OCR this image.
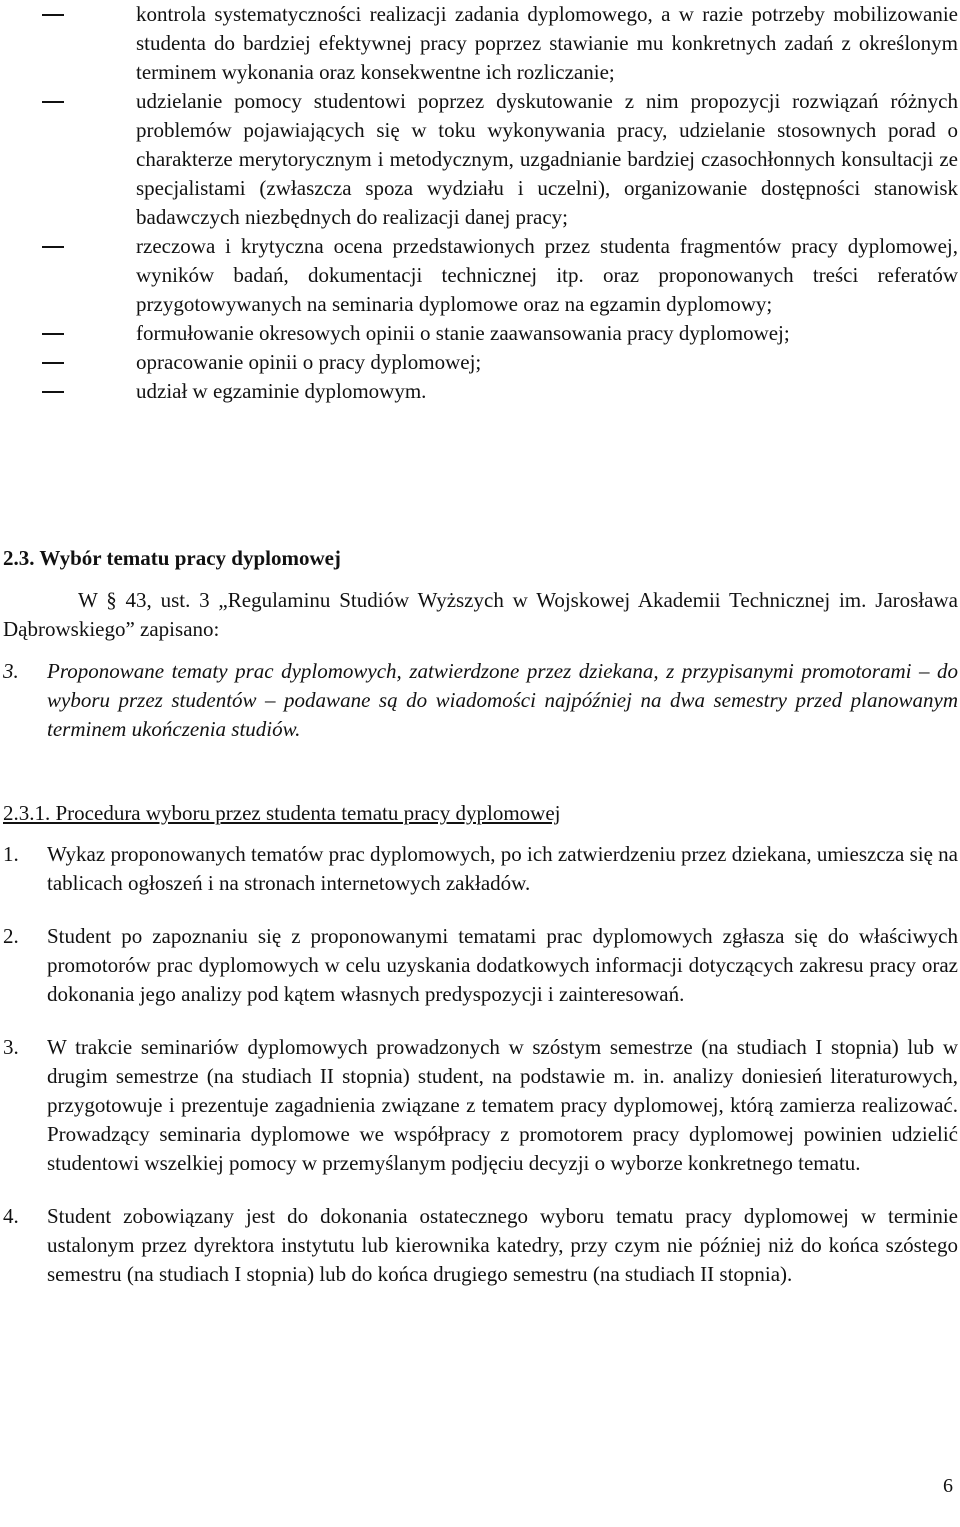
kontrola systematyczności realizacji zadania dyplomowego, a w razie potrzeby mobilizowanie studenta do bardziej efektywnej pracy poprzez stawianie mu konkretnych zadań z określonym terminem wykonania oraz konsekwentne ich rozliczanie;

udzielanie pomocy studentowi poprzez dyskutowanie z nim propozycji rozwiązań różnych problemów pojawiających się w toku wykonywania pracy, udzielanie stosownych porad o charakterze merytorycznym i metodycznym, uzgadnianie bardziej czasochłonnych konsultacji ze specjalistami (zwłaszcza spoza wydziału i uczelni), organizowanie dostępności stanowisk badawczych niezbędnych do realizacji danej pracy;

rzeczowa i krytyczna ocena przedstawionych przez studenta fragmentów pracy dyplomowej, wyników badań, dokumentacji technicznej itp. oraz proponowanych treści referatów przygotowywanych na seminaria dyplomowe oraz na egzamin dyplomowy;

formułowanie okresowych opinii o stanie zaawansowania pracy dyplomowej;

opracowanie opinii o pracy dyplomowej;

udział w egzaminie dyplomowym.

2.3. Wybór tematu pracy dyplomowej
W § 43, ust. 3 „Regulaminu Studiów Wyższych w Wojskowej Akademii Technicznej im. Jarosława Dąbrowskiego” zapisano:
3. Proponowane tematy prac dyplomowych, zatwierdzone przez dziekana, z przypisanymi promotorami – do wyboru przez studentów – podawane są do wiadomości najpóźniej na dwa semestry przed planowanym terminem ukończenia studiów.
2.3.1. Procedura wyboru przez studenta tematu pracy dyplomowej
1. Wykaz proponowanych tematów prac dyplomowych, po ich zatwierdzeniu przez dziekana, umieszcza się na tablicach ogłoszeń i na stronach internetowych zakładów.

2. Student po zapoznaniu się z proponowanymi tematami prac dyplomowych zgłasza się do właściwych promotorów prac dyplomowych w celu uzyskania dodatkowych informacji dotyczących zakresu pracy oraz dokonania jego analizy pod kątem własnych predyspozycji i zainteresowań.

3. W trakcie seminariów dyplomowych prowadzonych w szóstym semestrze (na studiach I stopnia) lub w drugim semestrze (na studiach II stopnia) student, na podstawie m. in. analizy doniesień literaturowych, przygotowuje i prezentuje zagadnienia związane z tematem pracy dyplomowej, którą zamierza realizować. Prowadzący seminaria dyplomowe we współpracy z promotorem pracy dyplomowej powinien udzielić studentowi wszelkiej pomocy w przemyślanym podjęciu decyzji o wyborze konkretnego tematu.

4. Student zobowiązany jest do dokonania ostatecznego wyboru tematu pracy dyplomowej w terminie ustalonym przez dyrektora instytutu lub kierownika katedry, przy czym nie później niż do końca szóstego semestru (na studiach I stopnia) lub do końca drugiego semestru (na studiach II stopnia).

6
